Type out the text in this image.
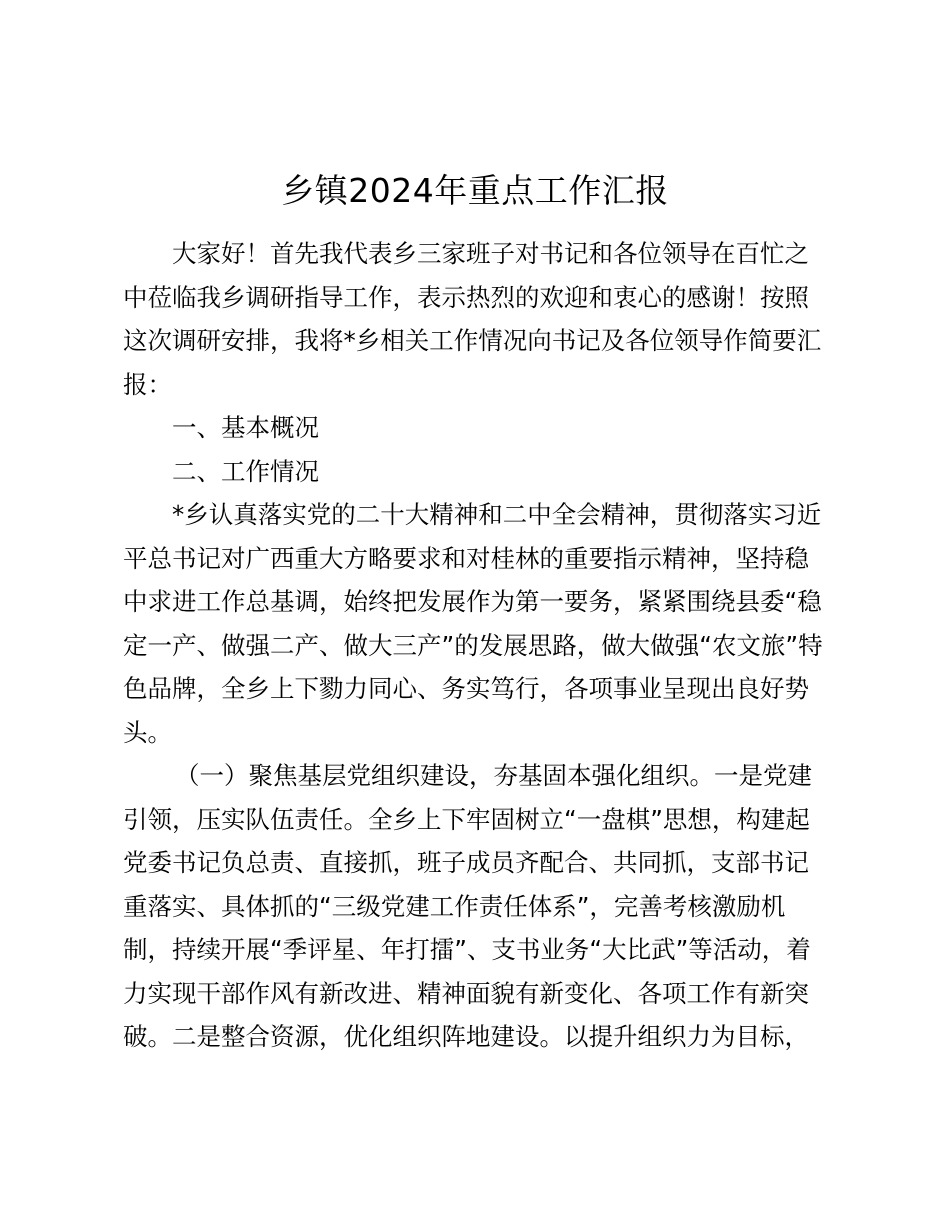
乡镇2024年重点工作汇报
大家好！首先我代表乡三家班子对书记和各位领导在百忙之
中莅临我乡调研指导工作，表示热烈的欢迎和衷心的感谢！按照
这次调研安排，我将*乡相关工作情况向书记及各位领导作简要汇
报：
一、基本概况
二、工作情况
*乡认真落实党的二十大精神和二中全会精神，贯彻落实习近
平总书记对广西重大方略要求和对桂林的重要指示精神，坚持稳
中求进工作总基调，始终把发展作为第一要务，紧紧围绕县委“稳
定一产、做强二产、做大三产”的发展思路，做大做强“农文旅”特
色品牌，全乡上下勠力同心、务实笃行，各项事业呈现出良好势
头。
（一）聚焦基层党组织建设，夯基固本强化组织。一是党建
引领，压实队伍责任。全乡上下牢固树立“一盘棋”思想，构建起
党委书记负总责、直接抓，班子成员齐配合、共同抓，支部书记
重落实、具体抓的“三级党建工作责任体系”，完善考核激励机
制，持续开展“季评星、年打擂”、支书业务“大比武”等活动，着
力实现干部作风有新改进、精神面貌有新变化、各项工作有新突
破。二是整合资源，优化组织阵地建设。以提升组织力为目标，
